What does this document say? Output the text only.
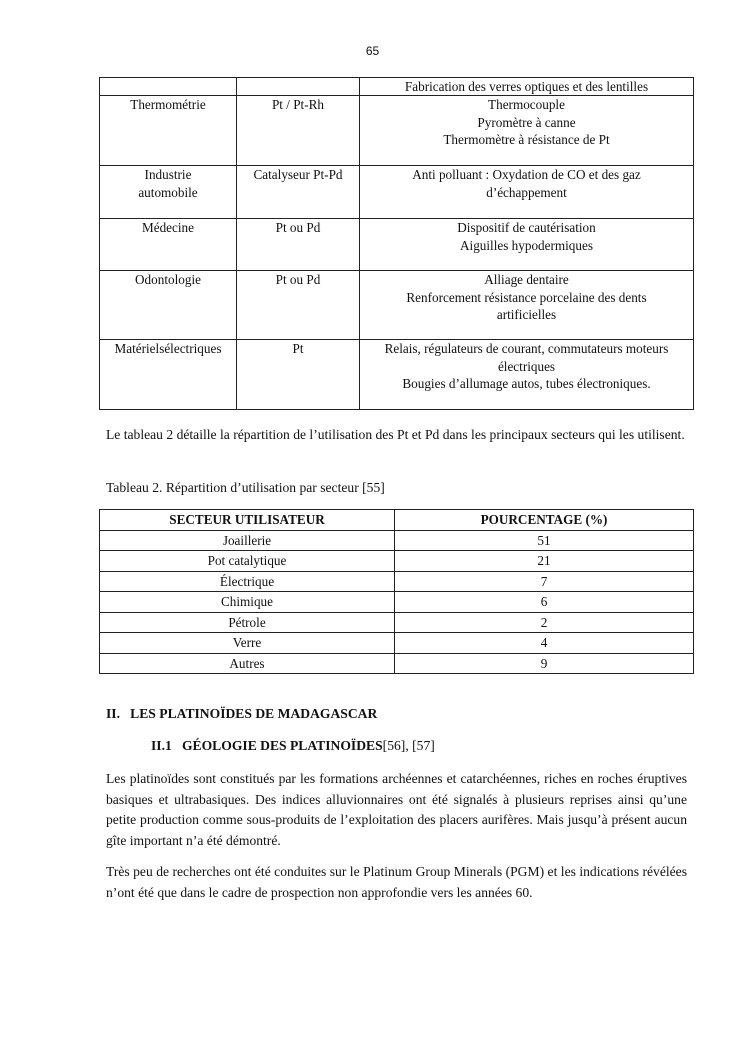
65

		Fabrication des verres optiques et des lentilles

Thermométrie	Pt / Pt-Rh	Thermocouple
Pyromètre à canne
Thermomètre à résistance de Pt

Industrie
automobile	Catalyseur Pt-Pd	Anti polluant : Oxydation de CO et des gaz
d’échappement

Médecine	Pt ou Pd	Dispositif de cautérisation
Aiguilles hypodermiques

Odontologie	Pt ou Pd	Alliage dentaire
Renforcement résistance porcelaine des dents
artificielles

Matérielsélectriques	Pt	Relais, régulateurs de courant, commutateurs moteurs
électriques
Bougies d’allumage autos, tubes électroniques.

Le tableau 2 détaille la répartition de l’utilisation des Pt et Pd dans les principaux secteurs qui les utilisent.

Tableau 2. Répartition d’utilisation par secteur [55]

SECTEUR UTILISATEUR	POURCENTAGE (%)
Joaillerie	51
Pot catalytique	21
Électrique	7
Chimique	6
Pétrole	2
Verre	4
Autres	9
II.   LES PLATINOÏDES DE MADAGASCAR
II.1   GÉOLOGIE DES PLATINOÏDES[56], [57]

Les platinoïdes sont constitués par les formations archéennes et catarchéennes, riches en roches éruptives basiques et ultrabasiques. Des indices alluvionnaires ont été signalés à plusieurs reprises ainsi qu’une petite production comme sous-produits de l’exploitation des placers aurifères. Mais jusqu’à présent aucun gîte important n’a été démontré.

Très peu de recherches ont été conduites sur le Platinum Group Minerals (PGM) et les indications révélées n’ont été que dans le cadre de prospection non approfondie vers les années 60.
